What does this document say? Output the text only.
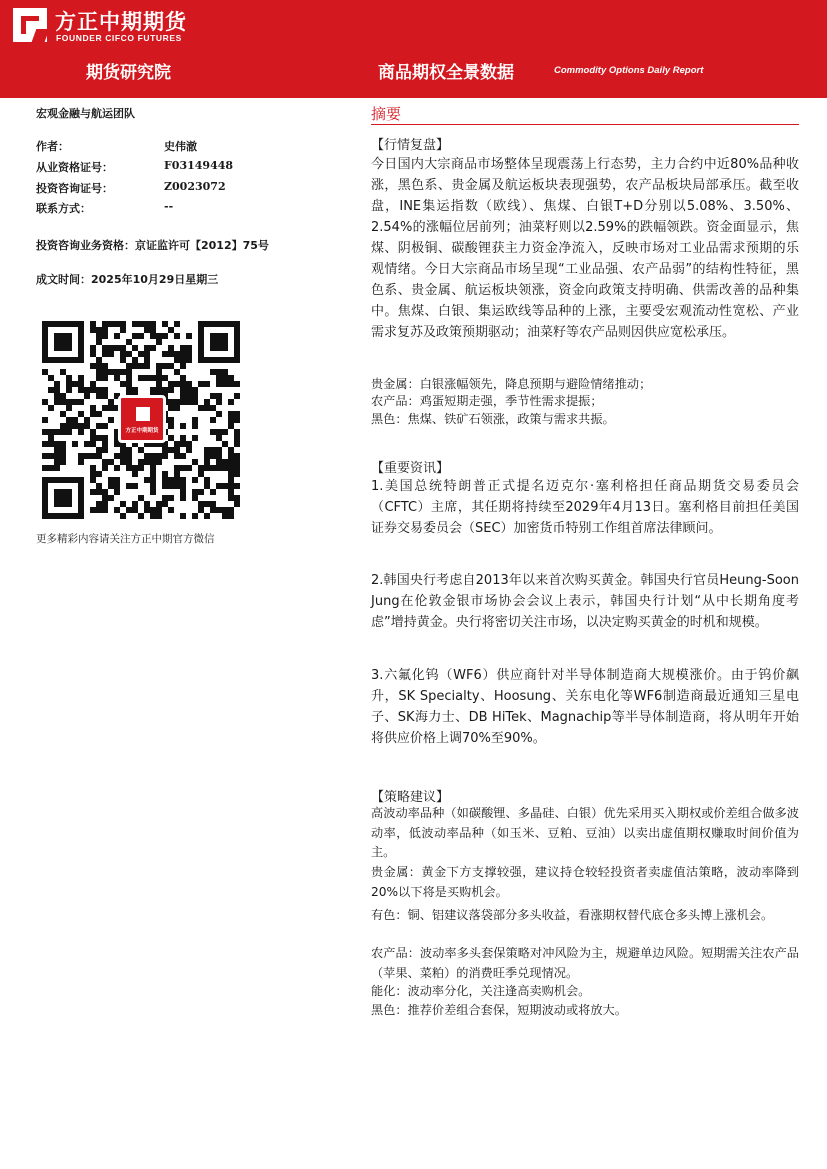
方正中期期货
FOUNDER CIFCO FUTURES
期货研究院	商品期权全景数据	Commodity Options Daily Report
宏观金融与航运团队
作者：	史伟澈
从业资格证号：	F03149448
投资咨询证号：	Z0023072
联系方式：	--
投资咨询业务资格：京证监许可【2012】75号
成文时间：2025年10月29日星期三
方正中期期货
更多精彩内容请关注方正中期官方微信
摘要
【行情复盘】
今日国内大宗商品市场整体呈现震荡上行态势，主力合约中近80%品种收涨，黑色系、贵金属及航运板块表现强势，农产品板块局部承压。截至收盘，INE集运指数（欧线）、焦煤、白银T+D分别以5.08%、3.50%、2.54%的涨幅位居前列；油菜籽则以2.59%的跌幅领跌。资金面显示，焦煤、阴极铜、碳酸锂获主力资金净流入，反映市场对工业品需求预期的乐观情绪。今日大宗商品市场呈现“工业品强、农产品弱”的结构性特征，黑色系、贵金属、航运板块领涨，资金向政策支持明确、供需改善的品种集中。焦煤、白银、集运欧线等品种的上涨，主要受宏观流动性宽松、产业需求复苏及政策预期驱动；油菜籽等农产品则因供应宽松承压。
贵金属：白银涨幅领先，降息预期与避险情绪推动；
农产品：鸡蛋短期走强，季节性需求提振；
黑色：焦煤、铁矿石领涨，政策与需求共振。
【重要资讯】
1.美国总统特朗普正式提名迈克尔·塞利格担任商品期货交易委员会（CFTC）主席，其任期将持续至2029年4月13日。塞利格目前担任美国证券交易委员会（SEC）加密货币特别工作组首席法律顾问。
2.韩国央行考虑自2013年以来首次购买黄金。韩国央行官员Heung-Soon Jung在伦敦金银市场协会会议上表示，韩国央行计划“从中长期角度考虑”增持黄金。央行将密切关注市场，以决定购买黄金的时机和规模。
3.六氟化钨（WF6）供应商针对半导体制造商大规模涨价。由于钨价飙升，SK Specialty、Hoosung、关东电化等WF6制造商最近通知三星电子、SK海力士、DB HiTek、Magnachip等半导体制造商，将从明年开始将供应价格上调70%至90%。
【策略建议】
高波动率品种（如碳酸锂、多晶硅、白银）优先采用买入期权或价差组合做多波动率，低波动率品种（如玉米、豆粕、豆油）以卖出虚值期权赚取时间价值为主。
贵金属：黄金下方支撑较强，建议持仓较轻投资者卖虚值沽策略，波动率降到20%以下将是买购机会。
有色：铜、铝建议落袋部分多头收益，看涨期权替代底仓多头博上涨机会。
农产品：波动率多头套保策略对冲风险为主，规避单边风险。短期需关注农产品（苹果、菜粕）的消费旺季兑现情况。
能化：波动率分化，关注逢高卖购机会。
黑色：推荐价差组合套保，短期波动或将放大。
